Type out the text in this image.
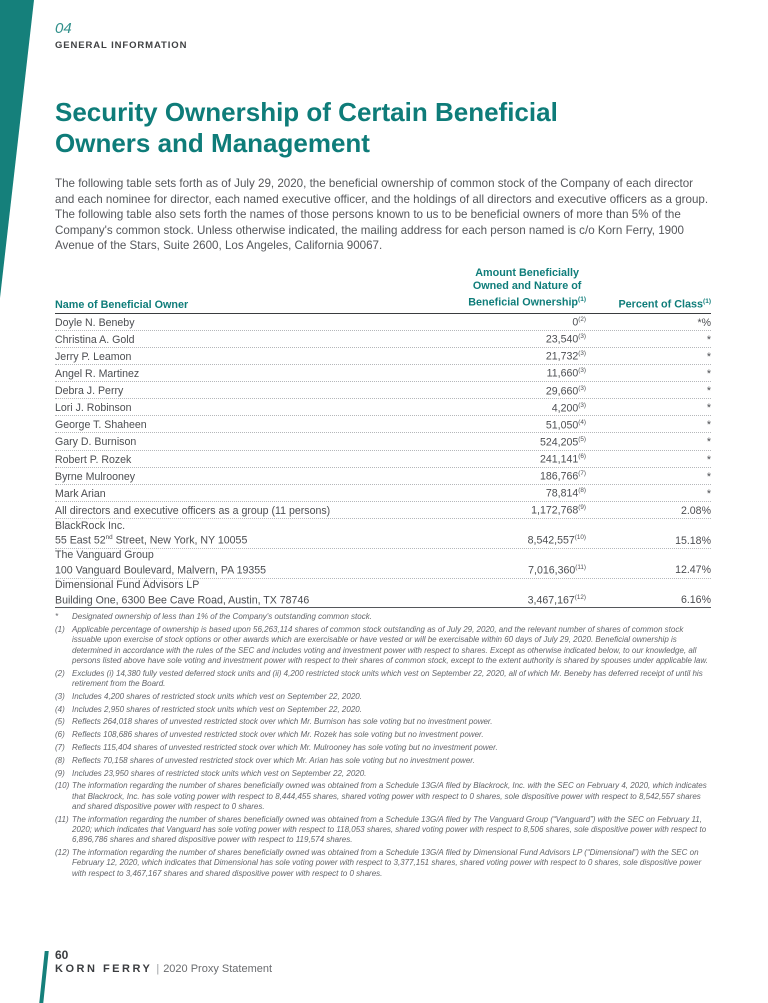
04
GENERAL INFORMATION
Security Ownership of Certain Beneficial
Owners and Management

The following table sets forth as of July 29, 2020, the beneficial ownership of common stock of the Company of each director and each nominee for director, each named executive officer, and the holdings of all directors and executive officers as a group. The following table also sets forth the names of those persons known to us to be beneficial owners of more than 5% of the Company's common stock. Unless otherwise indicated, the mailing address for each person named is c/o Korn Ferry, 1900 Avenue of the Stars, Suite 2600, Los Angeles, California 90067.

Name of Beneficial Owner
Amount Beneficially
Owned and Nature of
Beneficial Ownership$^{(1)}$	Percent of Class$^{(1)}$
Doyle N. Beneby	0$^{(2)}$	*%
Christina A. Gold	23,540$^{(3)}$	*
Jerry P. Leamon	21,732$^{(3)}$	*
Angel R. Martinez	11,660$^{(3)}$	*
Debra J. Perry	29,660$^{(3)}$	*
Lori J. Robinson	4,200$^{(3)}$	*
George T. Shaheen	51,050$^{(4)}$	*
Gary D. Burnison	524,205$^{(5)}$	*
Robert P. Rozek	241,141$^{(6)}$	*
Byrne Mulrooney	186,766$^{(7)}$	*
Mark Arian	78,814$^{(8)}$	*
All directors and executive officers as a group (11 persons)	1,172,768$^{(9)}$	2.08%
BlackRock Inc.
55 East 52nd Street, New York, NY 10055	8,542,557$^{(10)}$	15.18%
The Vanguard Group
100 Vanguard Boulevard, Malvern, PA 19355	7,016,360$^{(11)}$	12.47%
Dimensional Fund Advisors LP
Building One, 6300 Bee Cave Road, Austin, TX 78746	3,467,167$^{(12)}$	6.16%
*	Designated ownership of less than 1% of the Company's outstanding common stock.
(1) Applicable percentage of ownership is based upon 56,263,114 shares of common stock outstanding as of July 29, 2020, and the relevant number of shares of common stock issuable upon exercise of stock options or other awards which are exercisable or have vested or will be exercisable within 60 days of July 29, 2020. Beneficial ownership is determined in accordance with the rules of the SEC and includes voting and investment power with respect to shares. Except as otherwise indicated below, to our knowledge, all persons listed above have sole voting and investment power with respect to their shares of common stock, except to the extent authority is shared by spouses under applicable law.
(2) Excludes (i) 14,380 fully vested deferred stock units and (ii) 4,200 restricted stock units which vest on September 22, 2020, all of which Mr. Beneby has deferred receipt of until his retirement from the Board.
(3) Includes 4,200 shares of restricted stock units which vest on September 22, 2020.
(4) Includes 2,950 shares of restricted stock units which vest on September 22, 2020.
(5) Reflects 264,018 shares of unvested restricted stock over which Mr. Burnison has sole voting but no investment power.
(6) Reflects 108,686 shares of unvested restricted stock over which Mr. Rozek has sole voting but no investment power.
(7) Reflects 115,404 shares of unvested restricted stock over which Mr. Mulrooney has sole voting but no investment power.
(8) Reflects 70,158 shares of unvested restricted stock over which Mr. Arian has sole voting but no investment power.
(9) Includes 23,950 shares of restricted stock units which vest on September 22, 2020.
(10) The information regarding the number of shares beneficially owned was obtained from a Schedule 13G/A filed by Blackrock, Inc. with the SEC on February 4, 2020, which indicates that Blackrock, Inc. has sole voting power with respect to 8,444,455 shares, shared voting power with respect to 0 shares, sole dispositive power with respect to 8,542,557 shares and shared dispositive power with respect to 0 shares.
(11) The information regarding the number of shares beneficially owned was obtained from a Schedule 13G/A filed by The Vanguard Group (“Vanguard”) with the SEC on February 11, 2020; which indicates that Vanguard has sole voting power with respect to 118,053 shares, shared voting power with respect to 8,506 shares, sole dispositive power with respect to 6,896,786 shares and shared dispositive power with respect to 119,574 shares.
(12) The information regarding the number of shares beneficially owned was obtained from a Schedule 13G/A filed by Dimensional Fund Advisors LP (“Dimensional”) with the SEC on February 12, 2020, which indicates that Dimensional has sole voting power with respect to 3,377,151 shares, shared voting power with respect to 0 shares, sole dispositive power with respect to 3,467,167 shares and shared dispositive power with respect to 0 shares.
60
KORN FERRY | 2020 Proxy Statement
